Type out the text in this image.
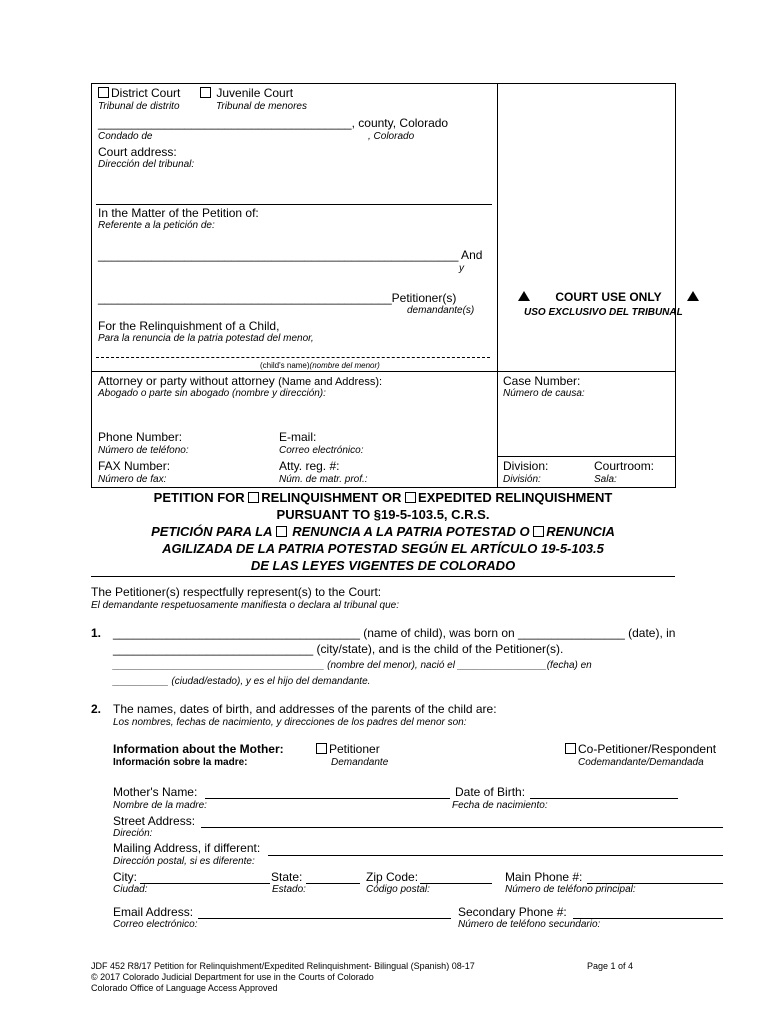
District Court	Juvenile Court
Tribunal de distrito	Tribunal de menores
______________________________________, county, Colorado
Condado de	, Colorado
Court address:
Dirección del tribunal:
In the Matter of the Petition of:
Referente a la petición de:
______________________________________________________ And
y
____________________________________________Petitioner(s)
demandante(s)
For the Relinquishment of a Child,
Para la renuncia de la patria potestad del menor,
(child's name)(nombre del menor)
COURT USE ONLY
USO EXCLUSIVO DEL TRIBUNAL
Attorney or party without attorney (Name and Address):
Abogado o parte sin abogado (nombre y dirección):
Phone Number:
Número de teléfono:
E-mail:
Correo electrónico:
FAX Number:
Número de fax:
Atty. reg. #:
Núm. de matr. prof.:
Case Number:
Número de causa:
Division:
División:
Courtroom:
Sala:
PETITION FOR RELINQUISHMENT OR EXPEDITED RELINQUISHMENT
PURSUANT TO §19-5-103.5, C.R.S.
PETICIÓN PARA LA RENUNCIA A LA PATRIA POTESTAD O RENUNCIA
AGILIZADA DE LA PATRIA POTESTAD SEGÚN EL ARTÍCULO 19-5-103.5
DE LAS LEYES VIGENTES DE COLORADO
The Petitioner(s) respectfully represent(s) to the Court:
El demandante respetuosamente manifiesta o declara al tribunal que:
1. _____________________________________ (name of child), was born on ________________ (date), in
______________________________ (city/state), and is the child of the Petitioner(s).
______________________________________ (nombre del menor), nació el ________________(fecha) en
__________ (ciudad/estado), y es el hijo del demandante.
2. The names, dates of birth, and addresses of the parents of the child are:
Los nombres, fechas de nacimiento, y direcciones de los padres del menor son:
Information about the Mother:
Información sobre la madre:
Petitioner
Demandante
Co-Petitioner/Respondent
Codemandante/Demandada
Mother's Name:
Nombre de la madre:
Date of Birth:
Fecha de nacimiento:
Street Address:
Direción:
Mailing Address, if different:
Dirección postal, si es diferente:
City:
Ciudad:
State:
Estado:
Zip Code:
Código postal:
Main Phone #:
Número de teléfono principal:
Email Address:
Correo electrónico:
Secondary Phone #:
Número de teléfono secundario:
JDF 452 R8/17 Petition for Relinquishment/Expedited Relinquishment- Bilingual (Spanish) 08-17
© 2017 Colorado Judicial Department for use in the Courts of Colorado
Colorado Office of Language Access Approved
Page 1 of 4
